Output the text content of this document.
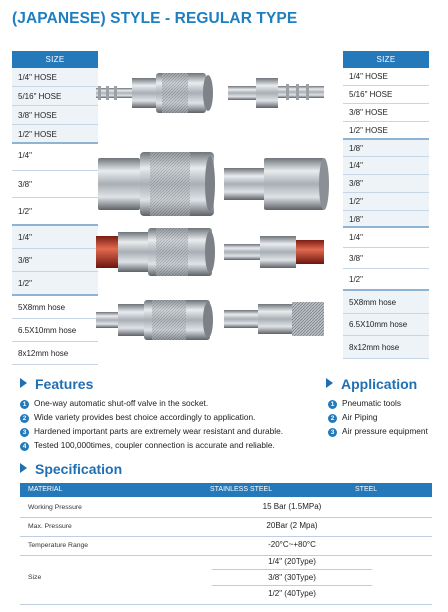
(JAPANESE) STYLE - REGULAR TYPE
SIZE
1/4" HOSE
5/16" HOSE
3/8" HOSE
1/2" HOSE
1/4"
3/8"
1/2"
1/4"
3/8"
1/2"
5X8mm hose
6.5X10mm hose
8x12mm hose
SIZE
1/4" HOSE
5/16" HOSE
3/8" HOSE
1/2" HOSE
1/8"
1/4"
3/8"
1/2"
1/8"
1/4"
3/8"
1/2"
5X8mm hose
6.5X10mm hose
8x12mm hose
Features
1 One-way automatic shut-off valve in the socket.
2 Wide variety provides best choice accordingly to application.
3 Hardened important parts are extremely wear resistant and durable.
4 Tested 100,000times, coupler connection is accurate and reliable.
Application
1 Pneumatic tools
2 Air Piping
3 Air pressure equipment
Specification
MATERIAL	STAINLESS STEEL	STEEL
Working Pressure	15 Bar (1.5MPa)
Max. Pressure	20Bar (2 Mpa)
Temperature Range	-20°C~+80°C
Size
1/4" (20Type)
3/8" (30Type)
1/2" (40Type)
